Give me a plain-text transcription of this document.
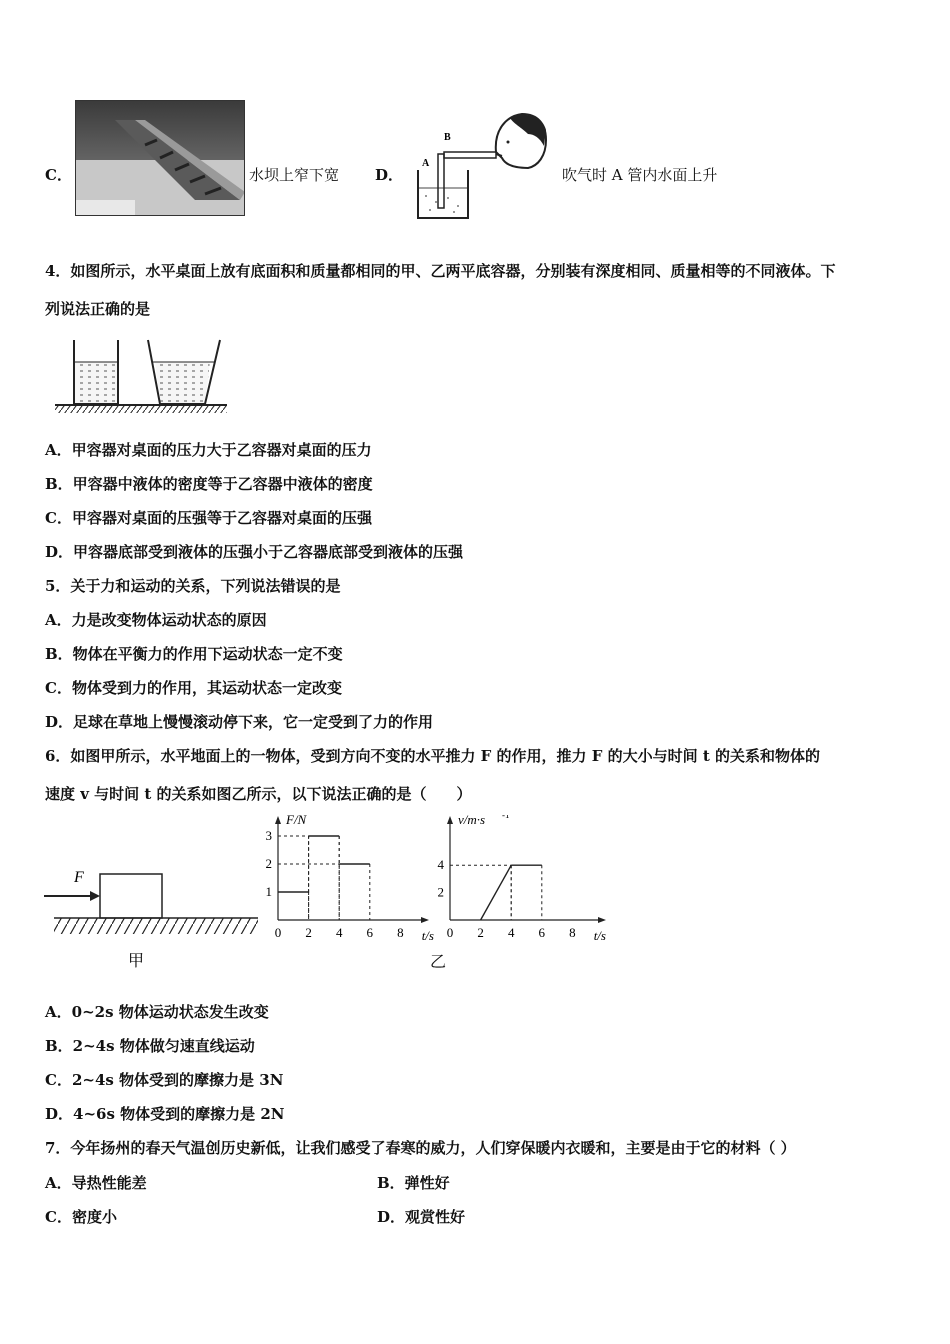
C．	水坝上窄下宽 D．
B
A
吹气时 A 管内水面上升
4．如图所示，水平桌面上放有底面积和质量都相同的甲、乙两平底容器，分别装有深度相同、质量相等的不同液体。下
列说法正确的是
A．甲容器对桌面的压力大于乙容器对桌面的压力
B．甲容器中液体的密度等于乙容器中液体的密度
C．甲容器对桌面的压强等于乙容器对桌面的压强
D．甲容器底部受到液体的压强小于乙容器底部受到液体的压强
5．关于力和运动的关系，下列说法错误的是
A．力是改变物体运动状态的原因
B．物体在平衡力的作用下运动状态一定不变
C．物体受到力的作用，其运动状态一定改变
D．足球在草地上慢慢滚动停下来，它一定受到了力的作用
6．如图甲所示，水平地面上的一物体，受到方向不变的水平推力 F 的作用，推力 F 的大小与时间 t 的关系和物体的
速度 v 与时间 t 的关系如图乙所示，以下说法正确的是（　　）
F
甲
0 2 4 6 8
1
2
3
t/s
F/N
0 2 4 6 8
2
4
t/s
v/m·s -1
乙
A．0~2s 物体运动状态发生改变
B．2~4s 物体做匀速直线运动
C．2~4s 物体受到的摩擦力是 3N
D．4~6s 物体受到的摩擦力是 2N
7．今年扬州的春天气温创历史新低，让我们感受了春寒的威力，人们穿保暖内衣暖和，主要是由于它的材料（ ）
A．导热性能差	B．弹性好
C．密度小	D．观赏性好
